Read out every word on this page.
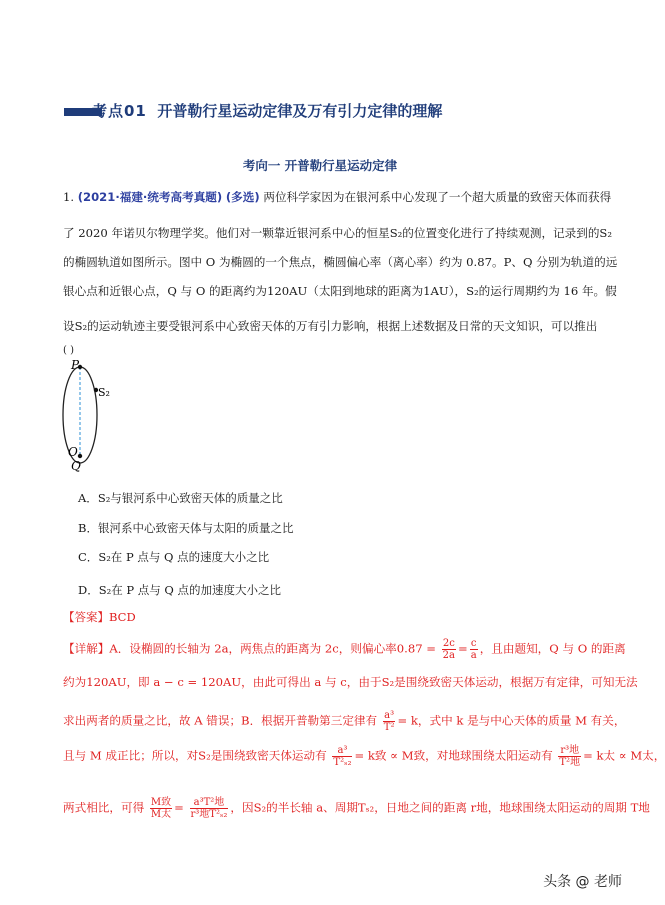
考点01 开普勒行星运动定律及万有引力定律的理解
考向一 开普勒行星运动定律
1. (2021·福建·统考高考真题) (多选) 两位科学家因为在银河系中心发现了一个超大质量的致密天体而获得
了 2020 年诺贝尔物理学奖。他们对一颗靠近银河系中心的恒星S₂的位置变化进行了持续观测，记录到的S₂
的椭圆轨道如图所示。图中 O 为椭圆的一个焦点，椭圆偏心率（离心率）约为 0.87。P、Q 分别为轨道的远
银心点和近银心点，Q 与 O 的距离约为120AU（太阳到地球的距离为1AU），S₂的运行周期约为 16 年。假
设S₂的运动轨迹主要受银河系中心致密天体的万有引力影响，根据上述数据及日常的天文知识，可以推出
( )
P
S₂
O
Q
A．S₂与银河系中心致密天体的质量之比
B．银河系中心致密天体与太阳的质量之比
C．S₂在 P 点与 Q 点的速度大小之比
D．S₂在 P 点与 Q 点的加速度大小之比
【答案】BCD
【详解】A．设椭圆的长轴为 2a，两焦点的距离为 2c，则偏心率$0.87 = \frac{2c}{2a} = \frac{c}{a}$ ，且由题知，Q 与 O 的距离
约为120AU，即 a − c = 120AU，由此可得出 a 与 c，由于S₂是围绕致密天体运动，根据万有定律，可知无法
求出两者的质量之比，故 A 错误；B．根据开普勒第三定律有 $\frac{\text{a³}}{\text{T²}} = k$，式中 k 是与中心天体的质量 M 有关，
且与 M 成正比；所以，对S₂是围绕致密天体运动有 $\frac{\text{a³}}{\text{T²ₛ₂}} = k$致 ∝ M致，对地球围绕太阳运动有 $\frac{\text{r³地}}{\text{T²地}} = k$太 ∝ M太，
两式相比，可得 $\frac{\text{M致}}{\text{M太}} = \frac{\text{a³T²地}}{\text{r³地T²ₛ₂}}$ ，因S₂的半长轴 a、周期Tₛ₂，日地之间的距离 r地，地球围绕太阳运动的周期 T地
头条 @ 老师
